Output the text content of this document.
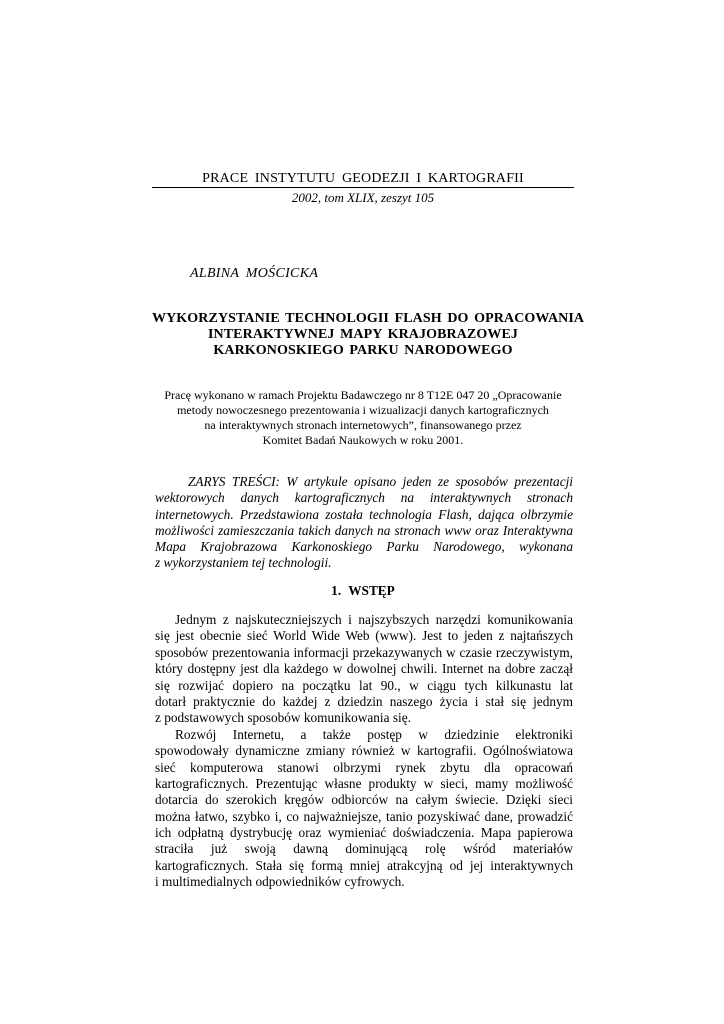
PRACE INSTYTUTU GEODEZJI I KARTOGRAFII
2002, tom XLIX, zeszyt 105
ALBINA MOŚCICKA
WYKORZYSTANIE TECHNOLOGII FLASH DO OPRACOWANIA
INTERAKTYWNEJ MAPY KRAJOBRAZOWEJ
KARKONOSKIEGO PARKU NARODOWEGO
Pracę wykonano w ramach Projektu Badawczego nr 8 T12E 047 20 „Opracowanie
metody nowoczesnego prezentowania i wizualizacji danych kartograficznych
na interaktywnych stronach internetowych”, finansowanego przez
Komitet Badań Naukowych w roku 2001.
ZARYS TREŚCI: W artykule opisano jeden ze sposobów prezentacji
wektorowych danych kartograficznych na interaktywnych stronach
internetowych. Przedstawiona została technologia Flash, dająca olbrzymie
możliwości zamieszczania takich danych na stronach www oraz Interaktywna
Mapa Krajobrazowa Karkonoskiego Parku Narodowego, wykonana
z wykorzystaniem tej technologii.
1. WSTĘP
Jednym z najskuteczniejszych i najszybszych narzędzi komunikowania
się jest obecnie sieć World Wide Web (www). Jest to jeden z najtańszych
sposobów prezentowania informacji przekazywanych w czasie rzeczywistym,
który dostępny jest dla każdego w dowolnej chwili. Internet na dobre zaczął
się rozwijać dopiero na początku lat 90., w ciągu tych kilkunastu lat
dotarł praktycznie do każdej z dziedzin naszego życia i stał się jednym
z podstawowych sposobów komunikowania się.
Rozwój Internetu, a także postęp w dziedzinie elektroniki
spowodowały dynamiczne zmiany również w kartografii. Ogólnoświatowa
sieć komputerowa stanowi olbrzymi rynek zbytu dla opracowań
kartograficznych. Prezentując własne produkty w sieci, mamy możliwość
dotarcia do szerokich kręgów odbiorców na całym świecie. Dzięki sieci
można łatwo, szybko i, co najważniejsze, tanio pozyskiwać dane, prowadzić
ich odpłatną dystrybucję oraz wymieniać doświadczenia. Mapa papierowa
straciła już swoją dawną dominującą rolę wśród materiałów
kartograficznych. Stała się formą mniej atrakcyjną od jej interaktywnych
i multimedialnych odpowiedników cyfrowych.
